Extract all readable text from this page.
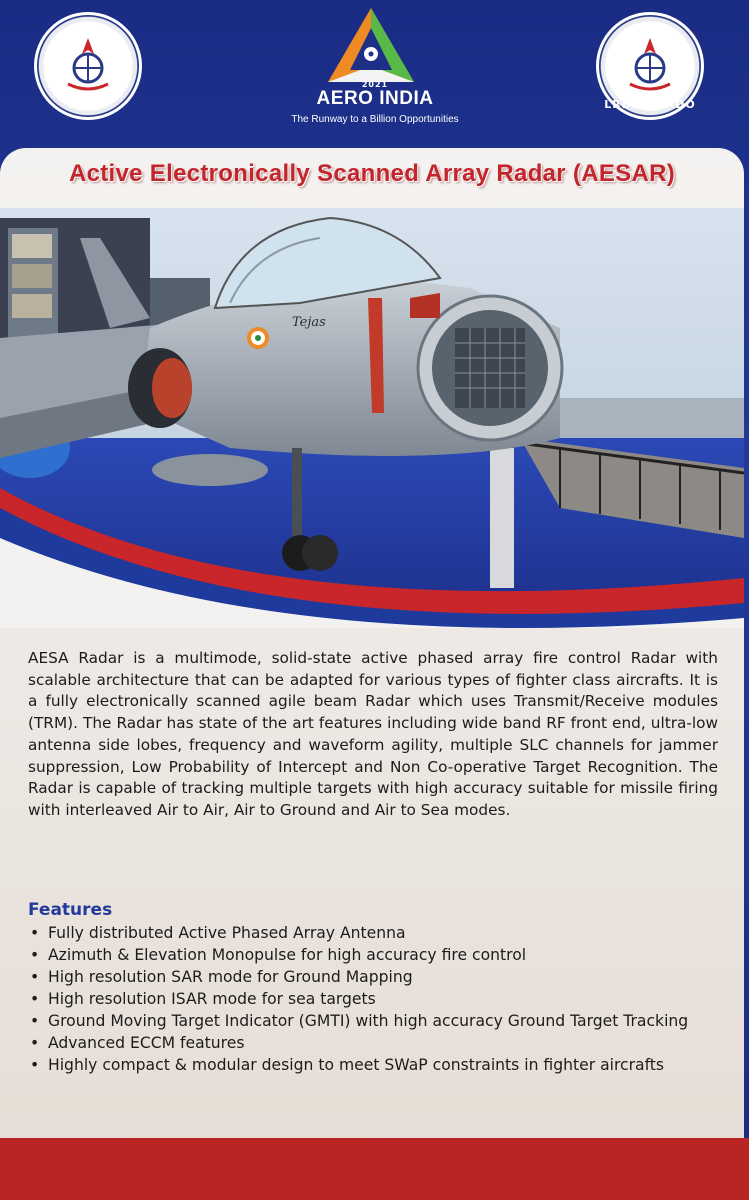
DRDO
2021
AERO INDIA
The Runway to a Billion Opportunities
LRDE - DRDO
Active Electronically Scanned Array Radar (AESAR)
Tejas

AESA Radar is a multimode, solid-state active phased array fire control Radar with scalable architecture that can be adapted for various types of fighter class aircrafts. It is a fully electronically scanned agile beam Radar which uses Transmit/Receive modules (TRM). The Radar has state of the art features including wide band RF front end, ultra-low antenna side lobes, frequency and waveform agility, multiple SLC channels for jammer suppression, Low Probability of Intercept and Non Co-operative Target Recognition. The Radar is capable of tracking multiple targets with high accuracy suitable for missile firing with interleaved Air to Air, Air to Ground and Air to Sea modes.

Features
• Fully distributed Active Phased Array Antenna
• Azimuth & Elevation Monopulse for high accuracy fire control
• High resolution SAR mode for Ground Mapping
• High resolution ISAR mode for sea targets
• Ground Moving Target Indicator (GMTI) with high accuracy Ground Target Tracking
• Advanced ECCM features
• Highly compact & modular design to meet SWaP constraints in fighter aircrafts
